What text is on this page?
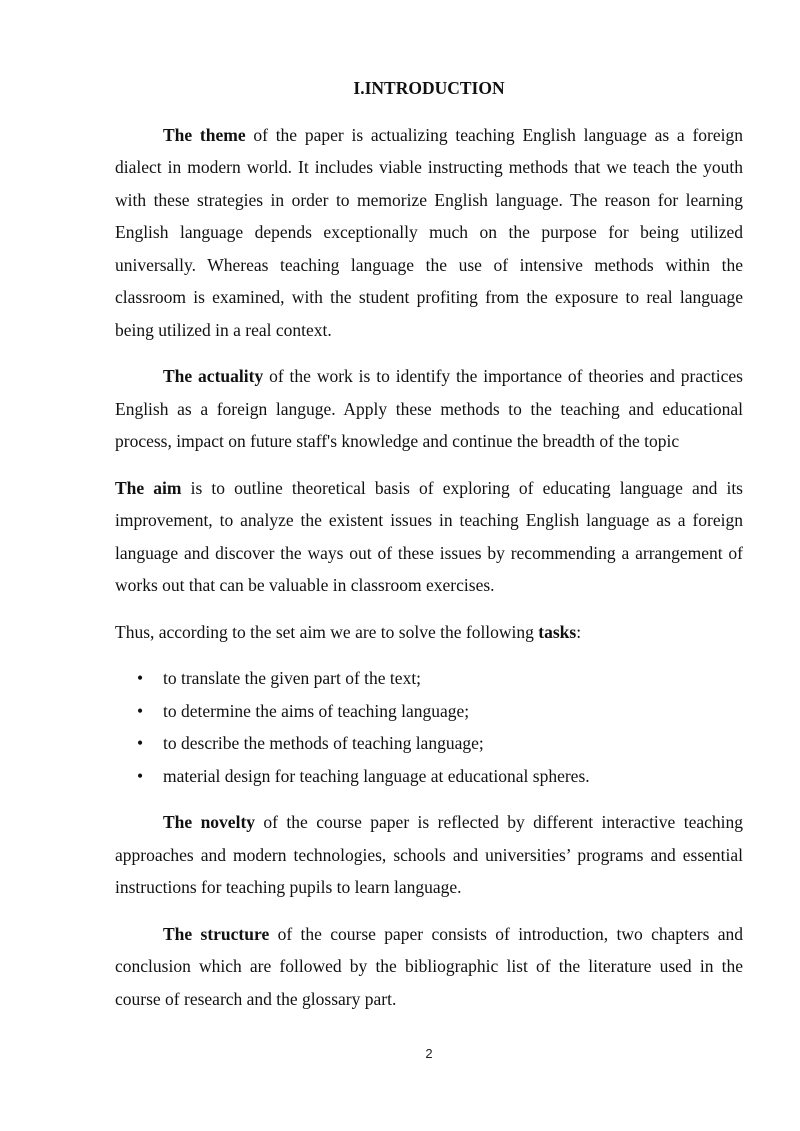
I.INTRODUCTION

The theme of the paper is actualizing teaching English language as a foreign dialect in modern world. It includes viable instructing methods that we teach the youth with these strategies in order to memorize English language. The reason for learning English language depends exceptionally much on the purpose for being utilized universally. Whereas teaching language the use of intensive methods within the classroom is examined, with the student profiting from the exposure to real language being utilized in a real context.

The actuality of the work is to identify the importance of theories and practices English as a foreign languge. Apply these methods to the teaching and educational process, impact on future staff's knowledge and continue the breadth of the topic

The aim is to outline theoretical basis of exploring of educating language and its improvement, to analyze the existent issues in teaching English language as a foreign language and discover the ways out of these issues by recommending a arrangement of works out that can be valuable in classroom exercises.

Thus, according to the set aim we are to solve the following tasks:

• to translate the given part of the text;
• to determine the aims of teaching language;
• to describe the methods of teaching language;
• material design for teaching language at educational spheres.

The novelty of the course paper is reflected by different interactive teaching approaches and modern technologies, schools and universities’ programs and essential instructions for teaching pupils to learn language.

The structure of the course paper consists of introduction, two chapters and conclusion which are followed by the bibliographic list of the literature used in the course of research and the glossary part.

2
